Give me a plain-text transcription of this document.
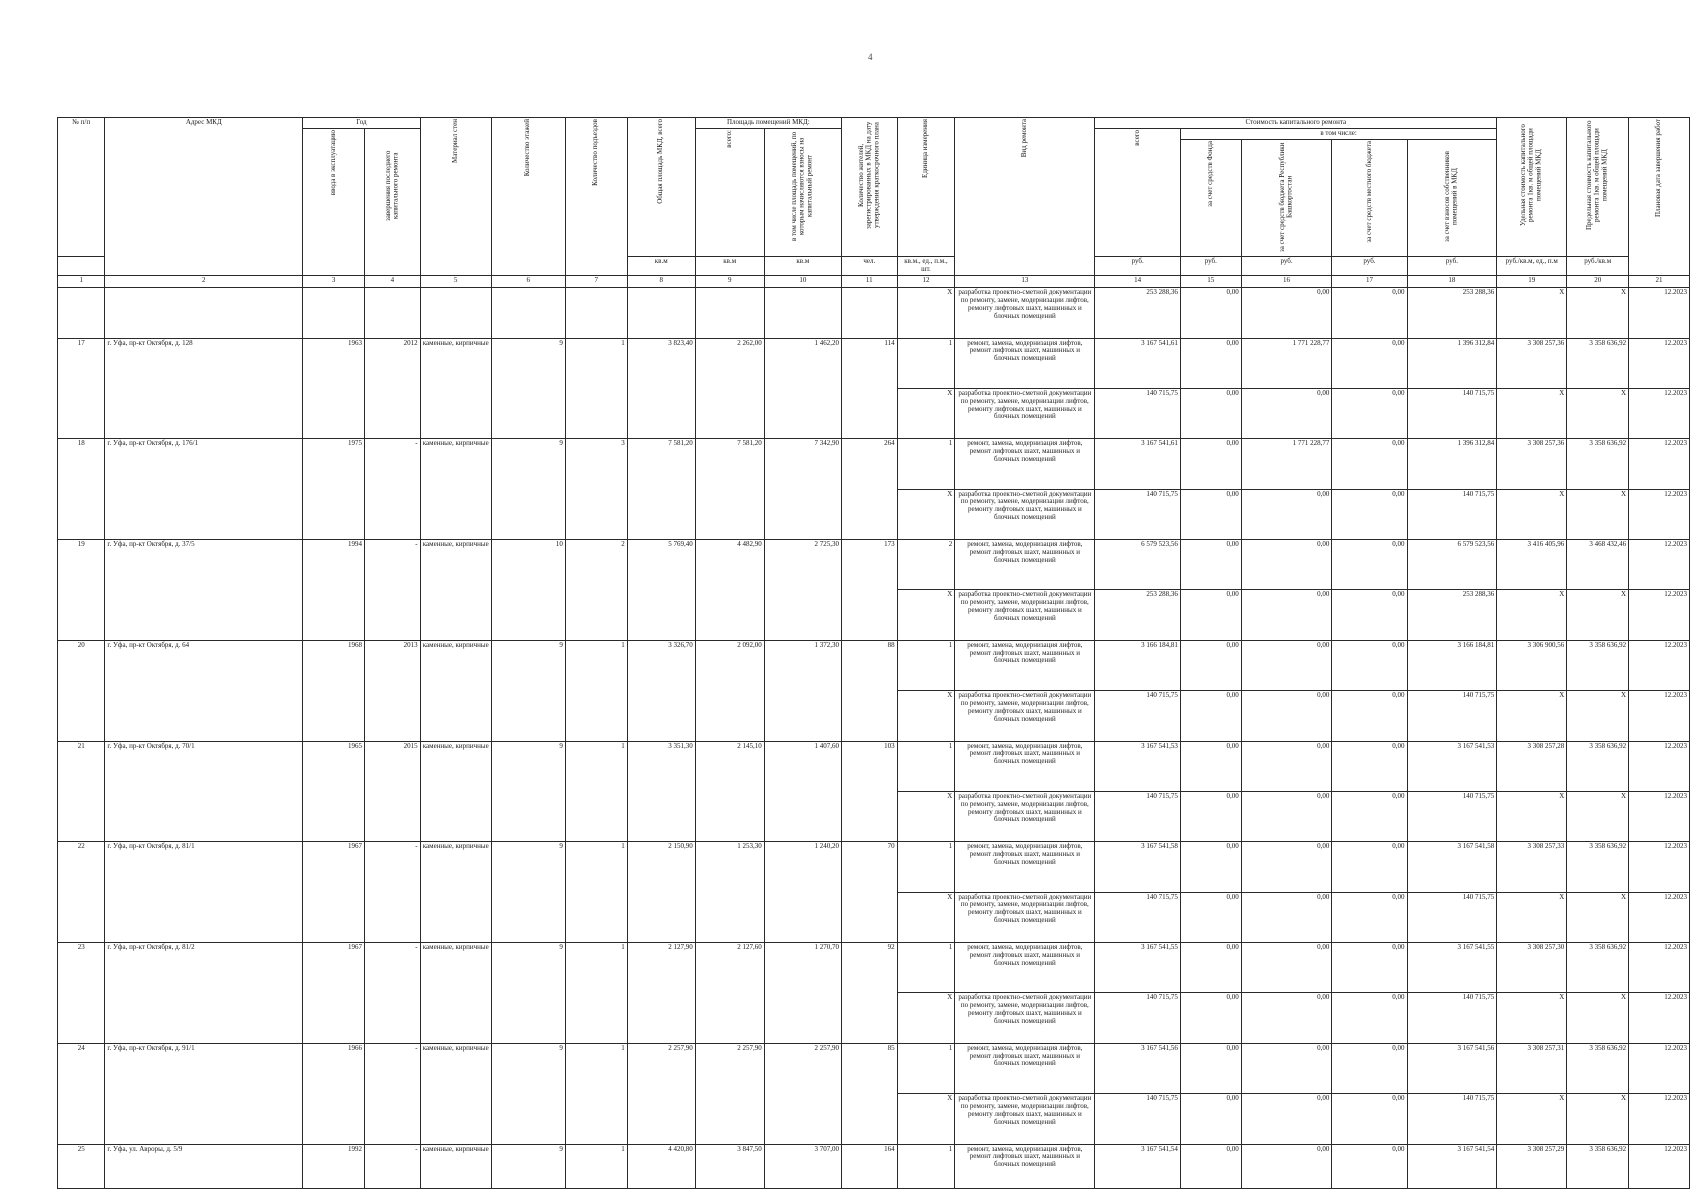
4
№ п/п	Адрес МКД	Год		Материал стен	Количество этажей	Количество подъездов	Общая площадь МКД, всего	Площадь помещений МКД:		Количество жителей, зарегистрированных в МКД на дату утверждения краткосрочного плана	Единица измерения	Вид ремонта	Стоимость капитального ремонта					Удельная стоимость капитального ремонта 1кв. м общей площади помещений МКД	Предельная стоимость капитального ремонта 1кв. м общей площади помещений МКД	Плановая дата завершения работ
		ввода в эксплуатацию	завершения последнего капитального ремонта					всего:	в том числе площадь помещений, по которым начисляются взносы на капитальный ремонт				всего	в том числе:						
														за счет средств Фонда	за счет средств бюджета Республики Башкортостан	за счет средств местного бюджета	за счет взносов собственников помещений в МКД			
							кв.м	кв.м	кв.м	чел.	кв.м., ед., п.м., шт.		руб.	руб.	руб.	руб.	руб.	руб./кв.м, ед., п.м	руб./кв.м	
1	2	3	4	5	6	7	8	9	10	11	12	13	14	15	16	17	18	19	20	21
											X	разработка проектно-сметной документации по ремонту, замене, модернизации лифтов, ремонту лифтовых шахт, машинных и блочных помещений	253 288,36	0,00	0,00	0,00	253 288,36	X	X	12.2023
17	г. Уфа, пр-кт Октября, д. 128	1963	2012	каменные, кирпичные	9	1	3 823,40	2 262,00	1 462,20	114	1	ремонт, замена, модернизация лифтов, ремонт лифтовых шахт, машинных и блочных помещений	3 167 541,61	0,00	1 771 228,77	0,00	1 396 312,84	3 308 257,36	3 358 636,92	12.2023
											X	разработка проектно-сметной документации по ремонту, замене, модернизации лифтов, ремонту лифтовых шахт, машинных и блочных помещений	140 715,75	0,00	0,00	0,00	140 715,75	X	X	12.2023
18	г. Уфа, пр-кт Октября, д. 176/1	1975	-	каменные, кирпичные	9	3	7 581,20	7 581,20	7 342,90	264	1	ремонт, замена, модернизация лифтов, ремонт лифтовых шахт, машинных и блочных помещений	3 167 541,61	0,00	1 771 228,77	0,00	1 396 312,84	3 308 257,36	3 358 636,92	12.2023
											X	разработка проектно-сметной документации по ремонту, замене, модернизации лифтов, ремонту лифтовых шахт, машинных и блочных помещений	140 715,75	0,00	0,00	0,00	140 715,75	X	X	12.2023
19	г. Уфа, пр-кт Октября, д. 37/5	1994	-	каменные, кирпичные	10	2	5 769,40	4 482,90	2 725,30	173	2	ремонт, замена, модернизация лифтов, ремонт лифтовых шахт, машинных и блочных помещений	6 579 523,56	0,00	0,00	0,00	6 579 523,56	3 416 405,96	3 468 432,46	12.2023
											X	разработка проектно-сметной документации по ремонту, замене, модернизации лифтов, ремонту лифтовых шахт, машинных и блочных помещений	253 288,36	0,00	0,00	0,00	253 288,36	X	X	12.2023
20	г. Уфа, пр-кт Октября, д. 64	1968	2013	каменные, кирпичные	9	1	3 326,70	2 092,00	1 372,30	88	1	ремонт, замена, модернизация лифтов, ремонт лифтовых шахт, машинных и блочных помещений	3 166 184,81	0,00	0,00	0,00	3 166 184,81	3 306 900,56	3 358 636,92	12.2023
											X	разработка проектно-сметной документации по ремонту, замене, модернизации лифтов, ремонту лифтовых шахт, машинных и блочных помещений	140 715,75	0,00	0,00	0,00	140 715,75	X	X	12.2023
21	г. Уфа, пр-кт Октября, д. 70/1	1965	2015	каменные, кирпичные	9	1	3 351,30	2 145,10	1 407,60	103	1	ремонт, замена, модернизация лифтов, ремонт лифтовых шахт, машинных и блочных помещений	3 167 541,53	0,00	0,00	0,00	3 167 541,53	3 308 257,28	3 358 636,92	12.2023
											X	разработка проектно-сметной документации по ремонту, замене, модернизации лифтов, ремонту лифтовых шахт, машинных и блочных помещений	140 715,75	0,00	0,00	0,00	140 715,75	X	X	12.2023
22	г. Уфа, пр-кт Октября, д. 81/1	1967	-	каменные, кирпичные	9	1	2 150,90	1 253,30	1 240,20	70	1	ремонт, замена, модернизация лифтов, ремонт лифтовых шахт, машинных и блочных помещений	3 167 541,58	0,00	0,00	0,00	3 167 541,58	3 308 257,33	3 358 636,92	12.2023
											X	разработка проектно-сметной документации по ремонту, замене, модернизации лифтов, ремонту лифтовых шахт, машинных и блочных помещений	140 715,75	0,00	0,00	0,00	140 715,75	X	X	12.2023
23	г. Уфа, пр-кт Октября, д. 81/2	1967	-	каменные, кирпичные	9	1	2 127,90	2 127,60	1 270,70	92	1	ремонт, замена, модернизация лифтов, ремонт лифтовых шахт, машинных и блочных помещений	3 167 541,55	0,00	0,00	0,00	3 167 541,55	3 308 257,30	3 358 636,92	12.2023
											X	разработка проектно-сметной документации по ремонту, замене, модернизации лифтов, ремонту лифтовых шахт, машинных и блочных помещений	140 715,75	0,00	0,00	0,00	140 715,75	X	X	12.2023
24	г. Уфа, пр-кт Октября, д. 91/1	1966	-	каменные, кирпичные	9	1	2 257,90	2 257,90	2 257,90	85	1	ремонт, замена, модернизация лифтов, ремонт лифтовых шахт, машинных и блочных помещений	3 167 541,56	0,00	0,00	0,00	3 167 541,56	3 308 257,31	3 358 636,92	12.2023
											X	разработка проектно-сметной документации по ремонту, замене, модернизации лифтов, ремонту лифтовых шахт, машинных и блочных помещений	140 715,75	0,00	0,00	0,00	140 715,75	X	X	12.2023
25	г. Уфа, ул. Авроры, д. 5/9	1992	-	каменные, кирпичные	9	1	4 420,80	3 847,50	3 707,00	164	1	ремонт, замена, модернизация лифтов, ремонт лифтовых шахт, машинных и блочных помещений	3 167 541,54	0,00	0,00	0,00	3 167 541,54	3 308 257,29	3 358 636,92	12.2023
